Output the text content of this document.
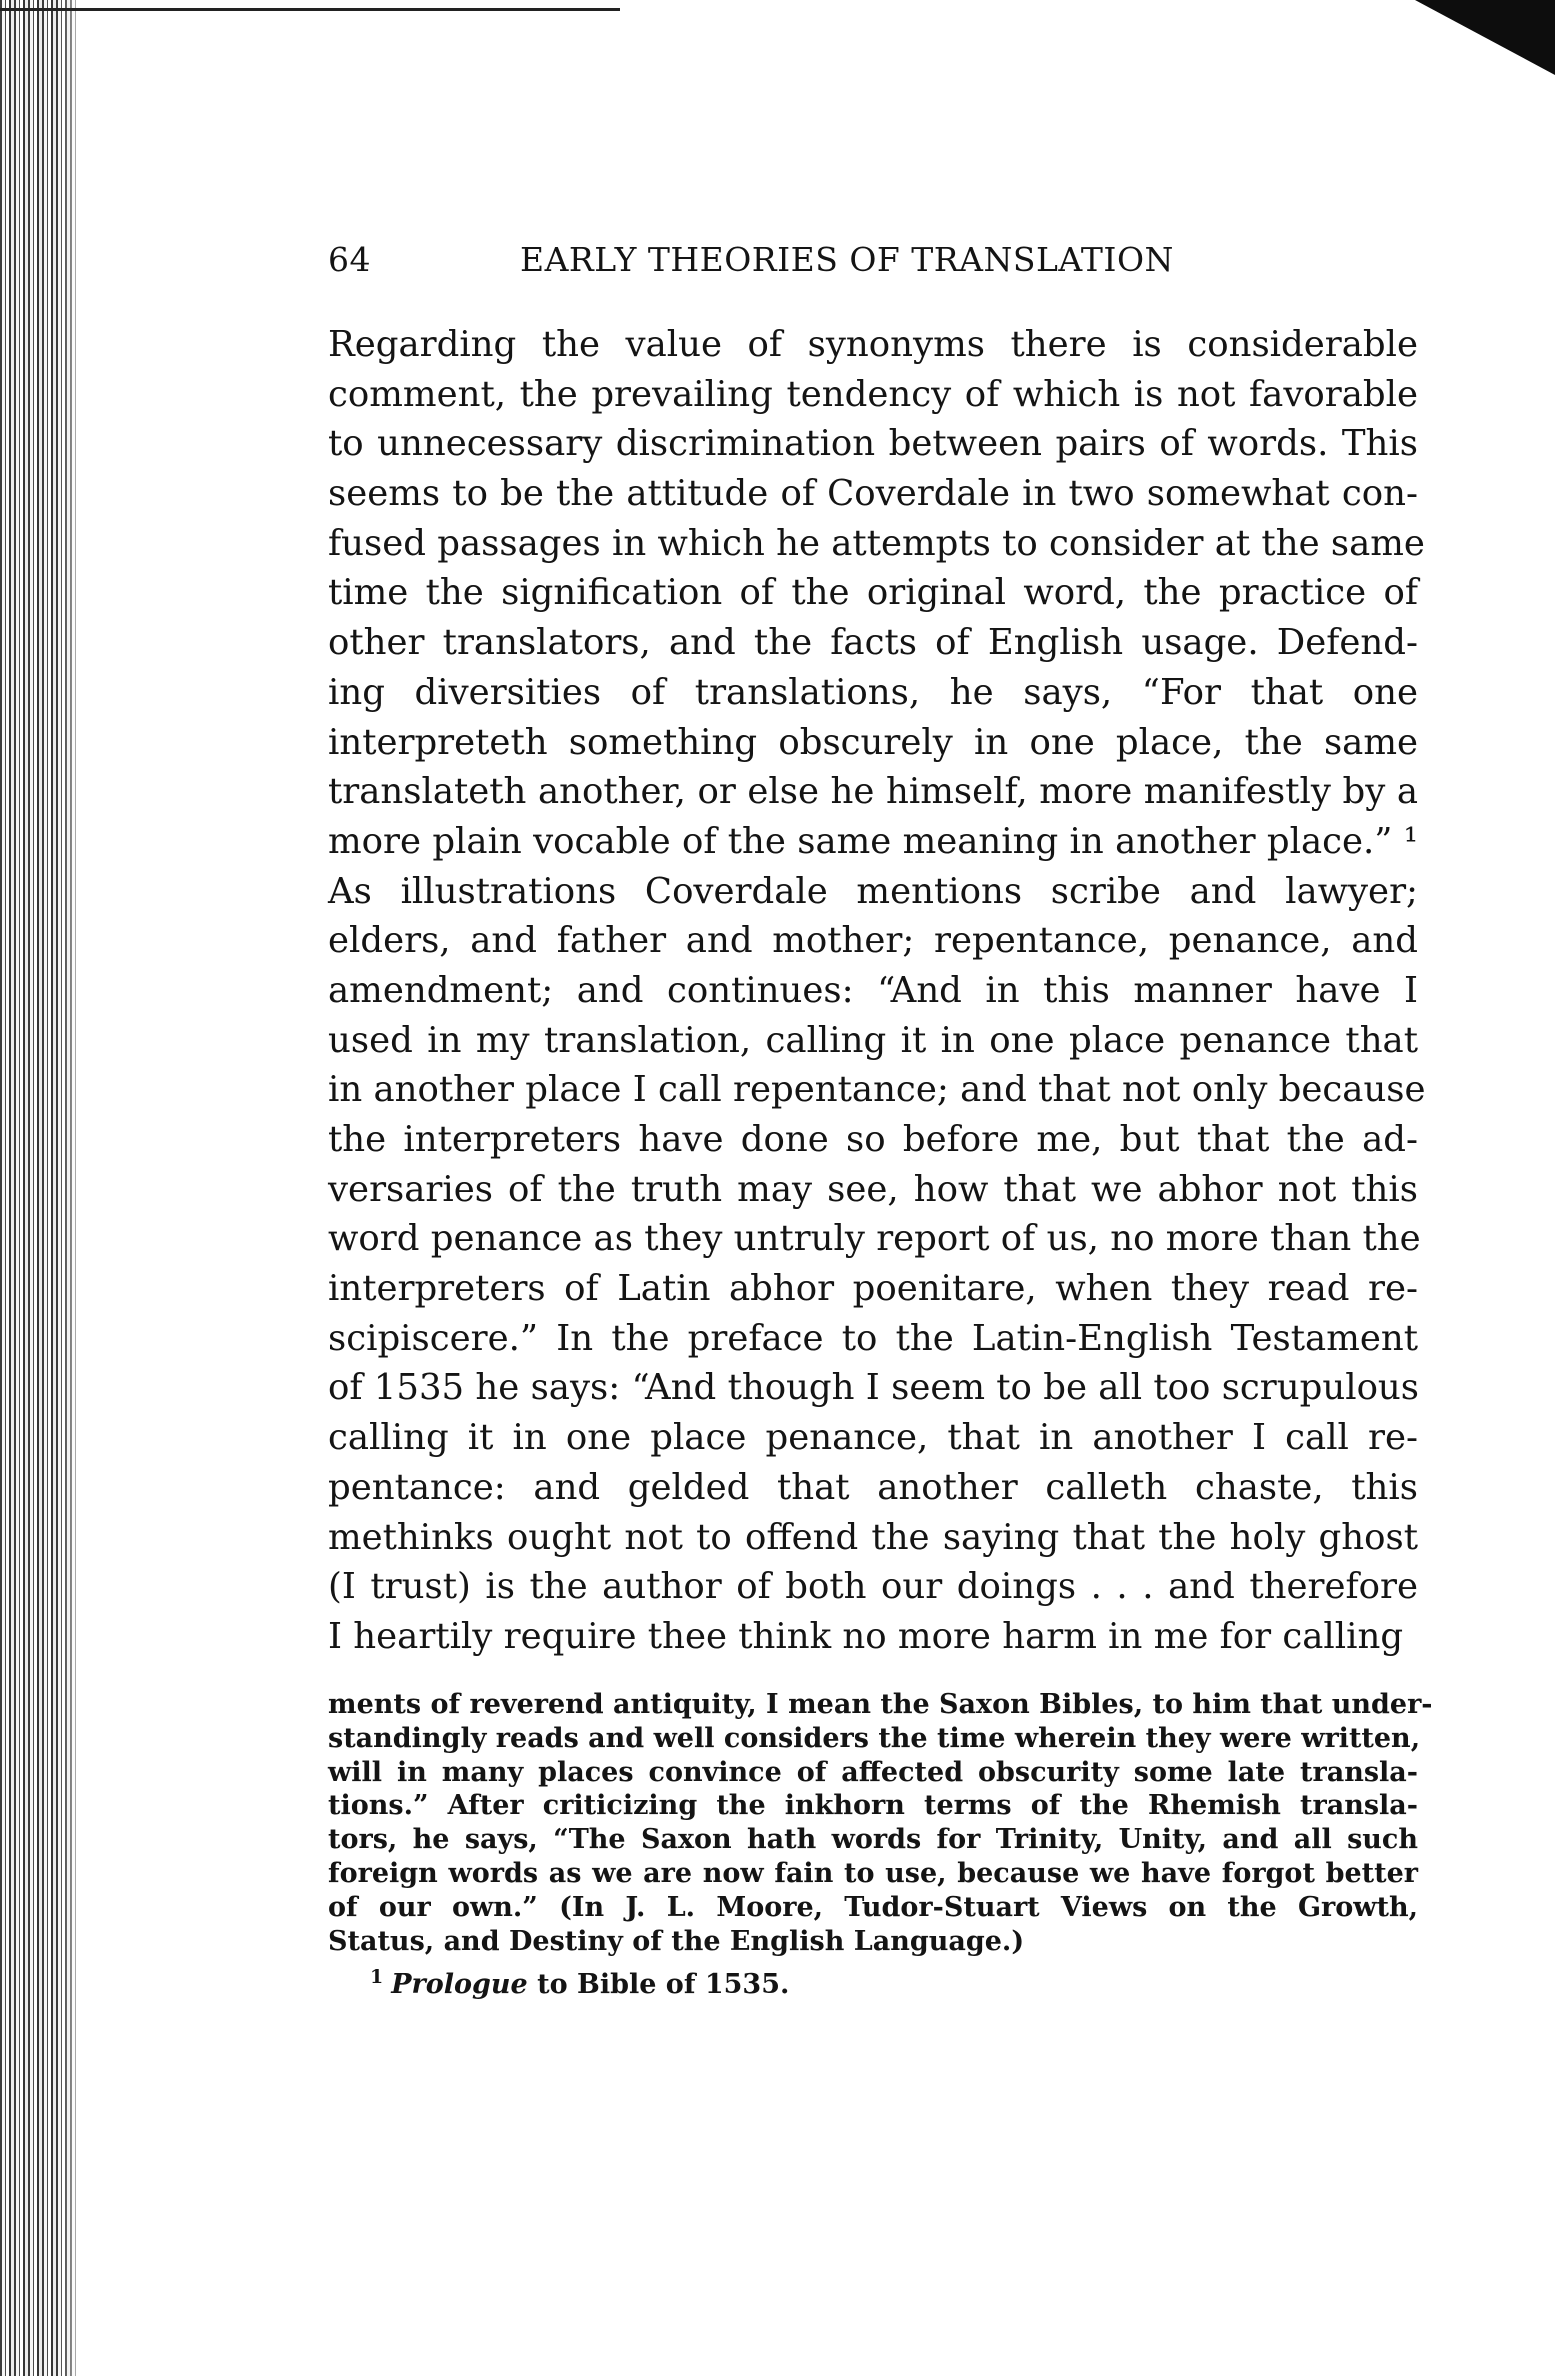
64	EARLY THEORIES OF TRANSLATION
Regarding the value of synonyms there is considerable
comment, the prevailing tendency of which is not favorable
to unnecessary discrimination between pairs of words. This
seems to be the attitude of Coverdale in two somewhat con-
fused passages in which he attempts to consider at the same
time the signification of the original word, the practice of
other translators, and the facts of English usage. Defend-
ing diversities of translations, he says, “For that one
interpreteth something obscurely in one place, the same
translateth another, or else he himself, more manifestly by a
more plain vocable of the same meaning in another place.” ¹
As illustrations Coverdale mentions scribe and lawyer;
elders, and father and mother; repentance, penance, and
amendment; and continues: “And in this manner have I
used in my translation, calling it in one place penance that
in another place I call repentance; and that not only because
the interpreters have done so before me, but that the ad-
versaries of the truth may see, how that we abhor not this
word penance as they untruly report of us, no more than the
interpreters of Latin abhor poenitare, when they read re-
scipiscere.” In the preface to the Latin-English Testament
of 1535 he says: “And though I seem to be all too scrupulous
calling it in one place penance, that in another I call re-
pentance: and gelded that another calleth chaste, this
methinks ought not to offend the saying that the holy ghost
(I trust) is the author of both our doings . . . and therefore
I heartily require thee think no more harm in me for calling
ments of reverend antiquity, I mean the Saxon Bibles, to him that under-
standingly reads and well considers the time wherein they were written,
will in many places convince of affected obscurity some late transla-
tions.” After criticizing the inkhorn terms of the Rhemish transla-
tors, he says, “The Saxon hath words for Trinity, Unity, and all such
foreign words as we are now fain to use, because we have forgot better
of our own.” (In J. L. Moore, Tudor-Stuart Views on the Growth,
Status, and Destiny of the English Language.)
$^1$ Prologue to Bible of 1535.
